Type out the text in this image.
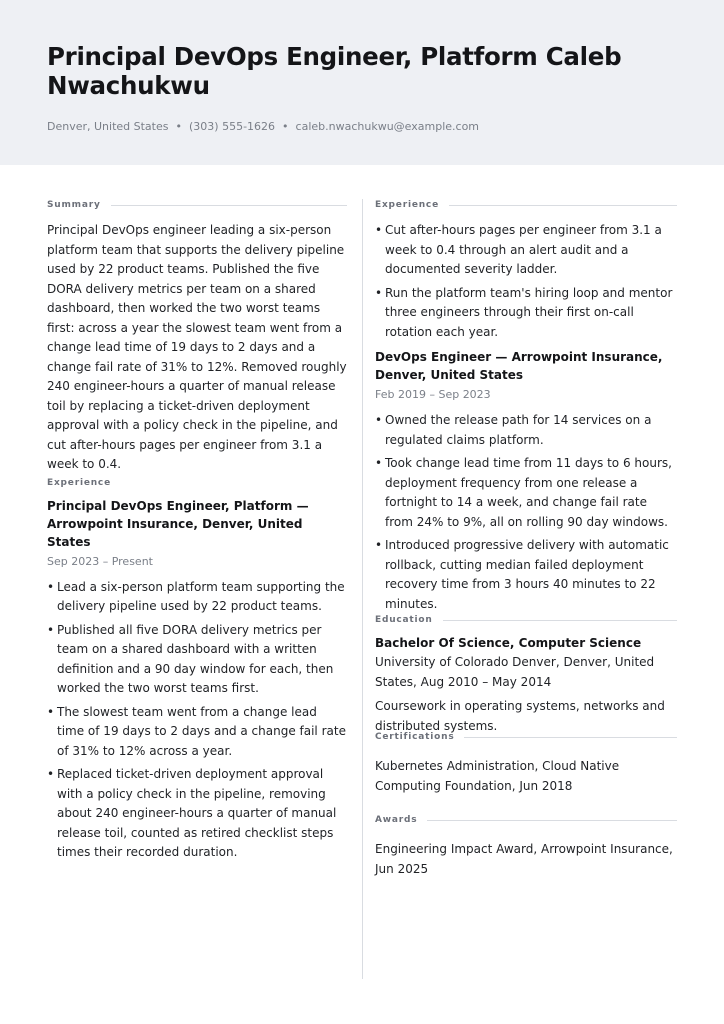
Principal DevOps Engineer, Platform Caleb Nwachukwu
Denver, United States • (303) 555-1626 • caleb.nwachukwu@example.com
Summary

Principal DevOps engineer leading a six-person platform team that supports the delivery pipeline used by 22 product teams. Published the five DORA delivery metrics per team on a shared dashboard, then worked the two worst teams first: across a year the slowest team went from a change lead time of 19 days to 2 days and a change fail rate of 31% to 12%. Removed roughly 240 engineer-hours a quarter of manual release toil by replacing a ticket-driven deployment approval with a policy check in the pipeline, and cut after-hours pages per engineer from 3.1 a week to 0.4.

Experience
Principal DevOps Engineer, Platform — Arrowpoint Insurance, Denver, United States
Sep 2023 – Present
• Lead a six-person platform team supporting the delivery pipeline used by 22 product teams.
• Published all five DORA delivery metrics per team on a shared dashboard with a written definition and a 90 day window for each, then worked the two worst teams first.
• The slowest team went from a change lead time of 19 days to 2 days and a change fail rate of 31% to 12% across a year.
• Replaced ticket-driven deployment approval with a policy check in the pipeline, removing about 240 engineer-hours a quarter of manual release toil, counted as retired checklist steps times their recorded duration.
Experience
• Cut after-hours pages per engineer from 3.1 a week to 0.4 through an alert audit and a documented severity ladder.
• Run the platform team's hiring loop and mentor three engineers through their first on-call rotation each year.
DevOps Engineer — Arrowpoint Insurance, Denver, United States
Feb 2019 – Sep 2023
• Owned the release path for 14 services on a regulated claims platform.
• Took change lead time from 11 days to 6 hours, deployment frequency from one release a fortnight to 14 a week, and change fail rate from 24% to 9%, all on rolling 90 day windows.
• Introduced progressive delivery with automatic rollback, cutting median failed deployment recovery time from 3 hours 40 minutes to 22 minutes.
Education
Bachelor Of Science, Computer Science
University of Colorado Denver, Denver, United States, Aug 2010 – May 2014
Coursework in operating systems, networks and distributed systems.
Certifications
Kubernetes Administration, Cloud Native Computing Foundation, Jun 2018
Awards
Engineering Impact Award, Arrowpoint Insurance, Jun 2025
